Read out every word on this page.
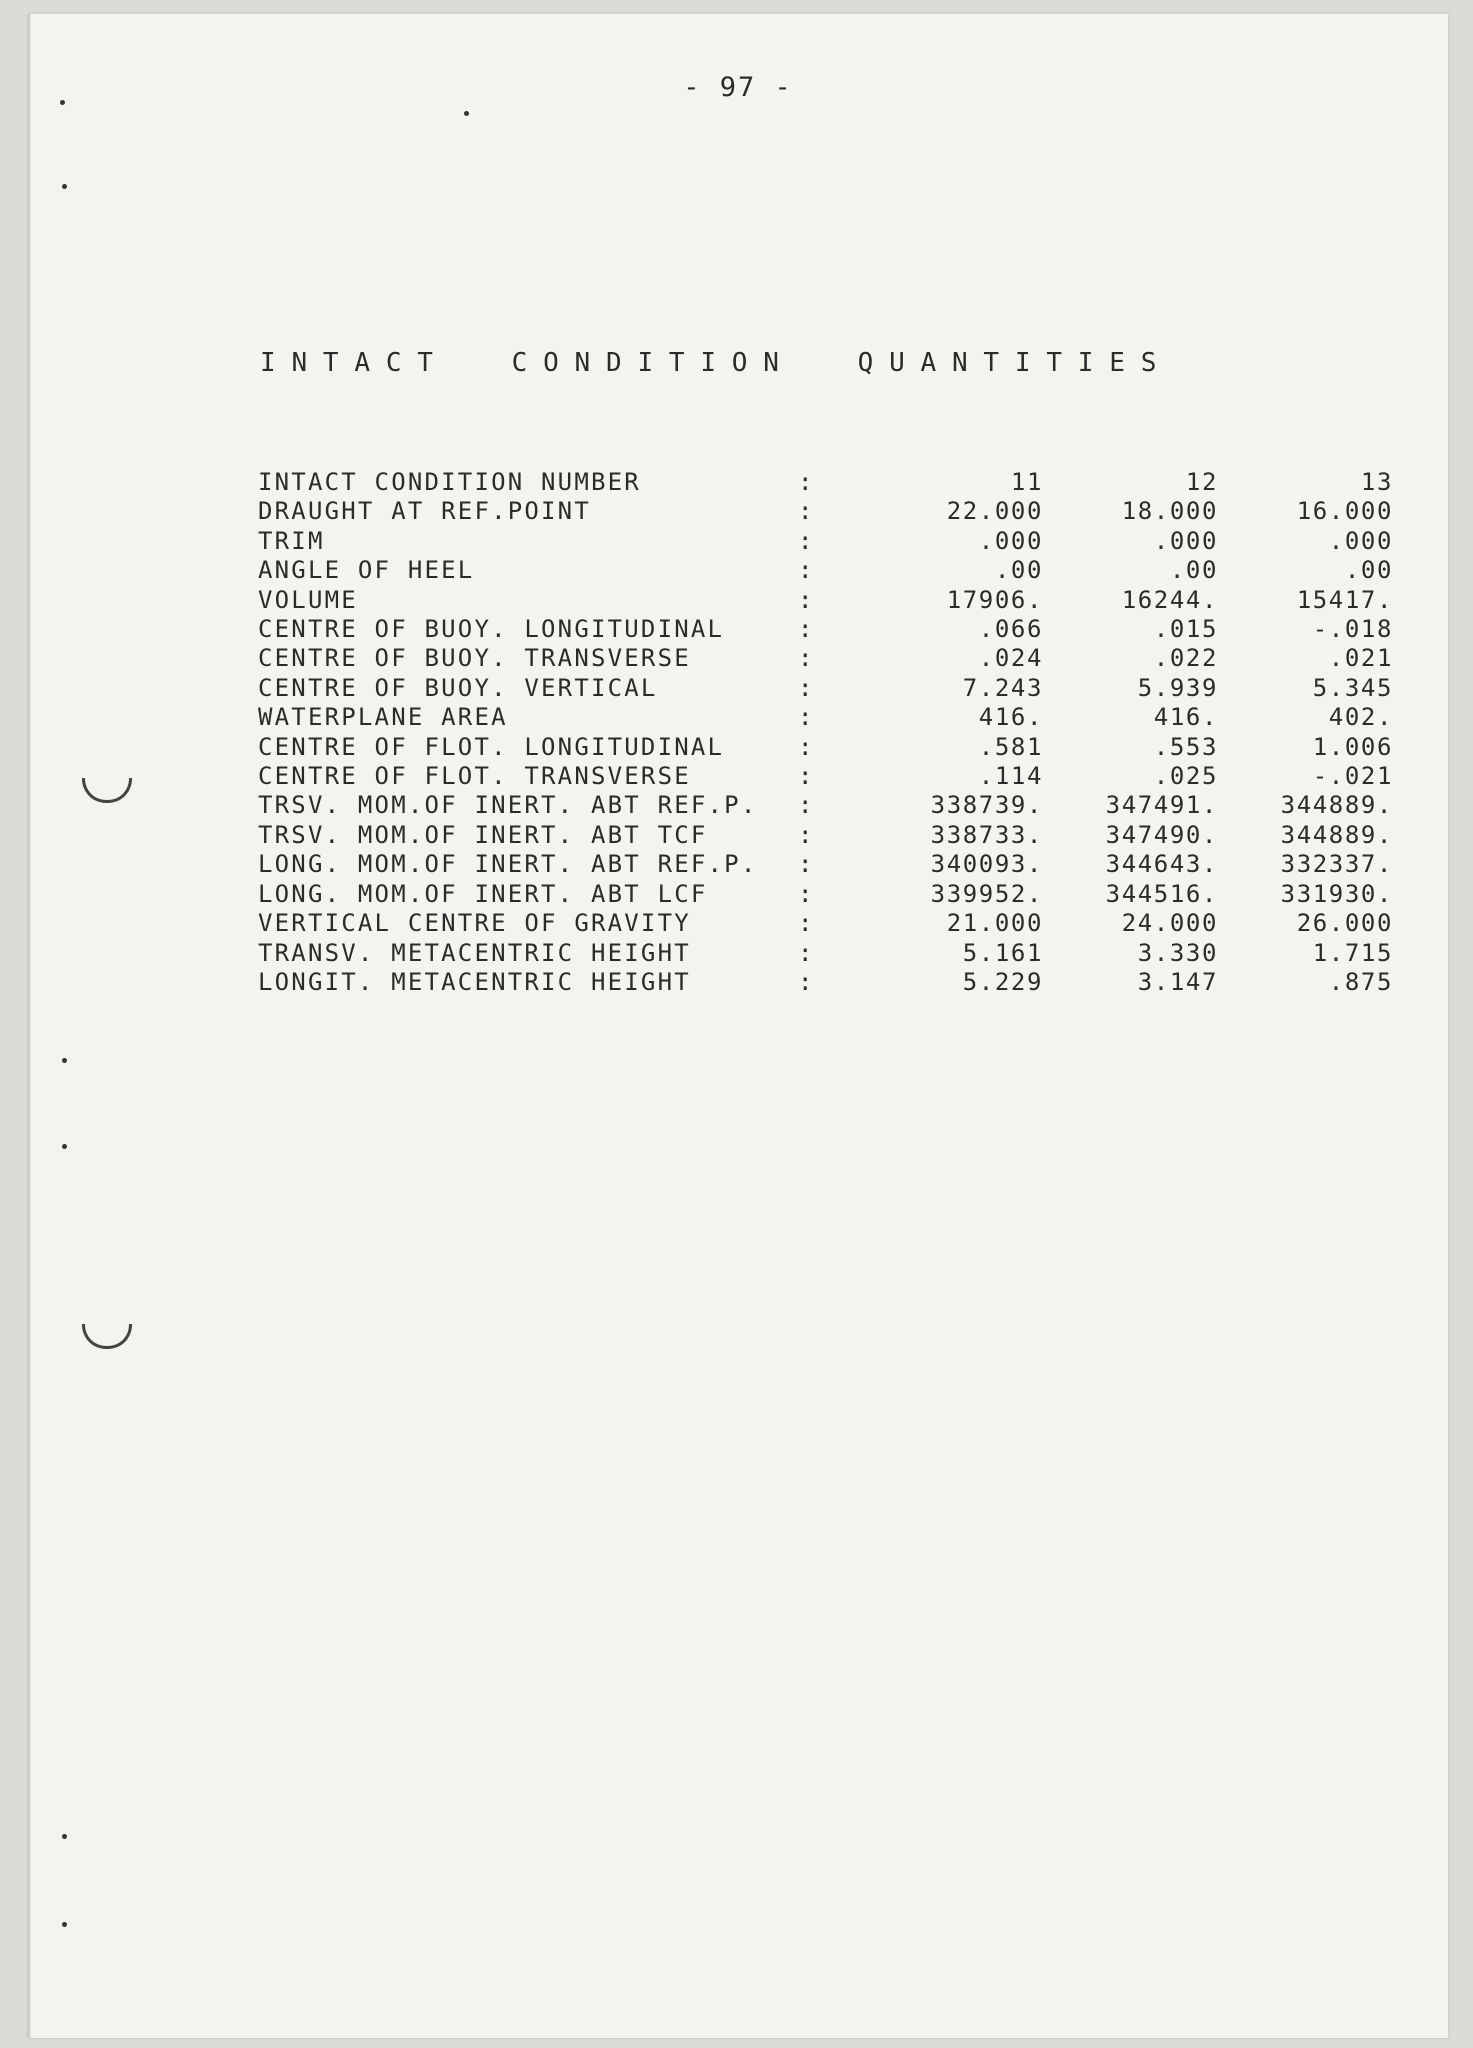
- 97 -
INTACT  CONDITION  QUANTITIES
INTACT CONDITION NUMBER	:	11	12	13
DRAUGHT AT REF.POINT	:	22.000	18.000	16.000
TRIM	:	.000	.000	.000
ANGLE OF HEEL	:	.00	.00	.00
VOLUME	:	17906.	16244.	15417.
CENTRE OF BUOY. LONGITUDINAL	:	.066	.015	-.018
CENTRE OF BUOY. TRANSVERSE	:	.024	.022	.021
CENTRE OF BUOY. VERTICAL	:	7.243	5.939	5.345
WATERPLANE AREA	:	416.	416.	402.
CENTRE OF FLOT. LONGITUDINAL	:	.581	.553	1.006
CENTRE OF FLOT. TRANSVERSE	:	.114	.025	-.021
TRSV. MOM.OF INERT. ABT REF.P.	:	338739.	347491.	344889.
TRSV. MOM.OF INERT. ABT TCF	:	338733.	347490.	344889.
LONG. MOM.OF INERT. ABT REF.P.	:	340093.	344643.	332337.
LONG. MOM.OF INERT. ABT LCF	:	339952.	344516.	331930.
VERTICAL CENTRE OF GRAVITY	:	21.000	24.000	26.000
TRANSV. METACENTRIC HEIGHT	:	5.161	3.330	1.715
LONGIT. METACENTRIC HEIGHT	:	5.229	3.147	.875
